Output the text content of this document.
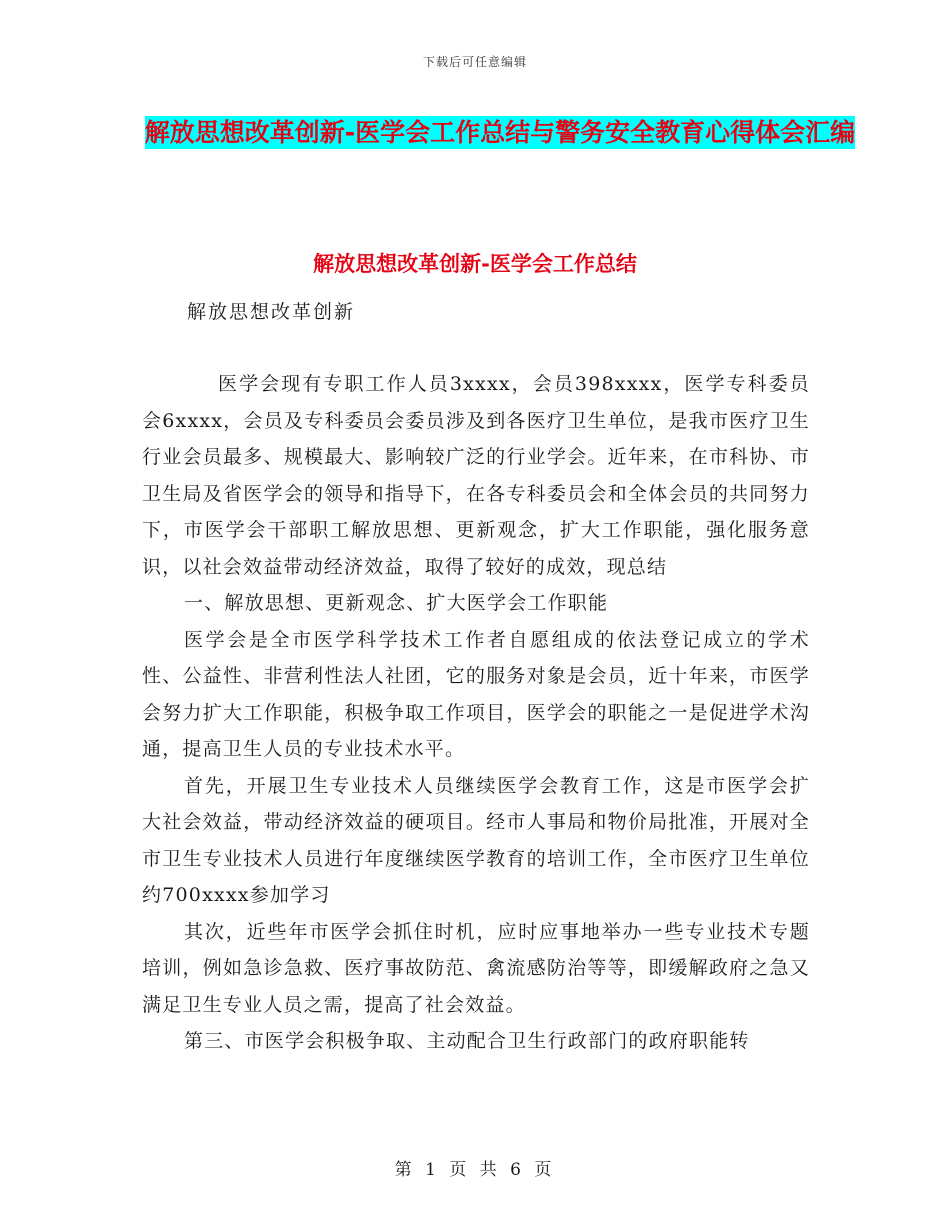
下载后可任意编辑
解放思想改革创新-医学会工作总结与警务安全教育心得体会汇编
解放思想改革创新-医学会工作总结
解放思想改革创新

医学会现有专职工作人员3xxxx，会员398xxxx，医学专科委员会6xxxx，会员及专科委员会委员涉及到各医疗卫生单位，是我市医疗卫生行业会员最多、规模最大、影响较广泛的行业学会。近年来，在市科协、市卫生局及省医学会的领导和指导下，在各专科委员会和全体会员的共同努力下，市医学会干部职工解放思想、更新观念，扩大工作职能，强化服务意识，以社会效益带动经济效益，取得了较好的成效，现总结

一、解放思想、更新观念、扩大医学会工作职能

医学会是全市医学科学技术工作者自愿组成的依法登记成立的学术性、公益性、非营利性法人社团，它的服务对象是会员，近十年来，市医学会努力扩大工作职能，积极争取工作项目，医学会的职能之一是促进学术沟通，提高卫生人员的专业技术水平。

首先，开展卫生专业技术人员继续医学会教育工作，这是市医学会扩大社会效益，带动经济效益的硬项目。经市人事局和物价局批准，开展对全市卫生专业技术人员进行年度继续医学教育的培训工作，全市医疗卫生单位约700xxxx参加学习

其次，近些年市医学会抓住时机，应时应事地举办一些专业技术专题培训，例如急诊急救、医疗事故防范、禽流感防治等等，即缓解政府之急又满足卫生专业人员之需，提高了社会效益。

第三、市医学会积极争取、主动配合卫生行政部门的政府职能转

第 1 页 共 6 页
